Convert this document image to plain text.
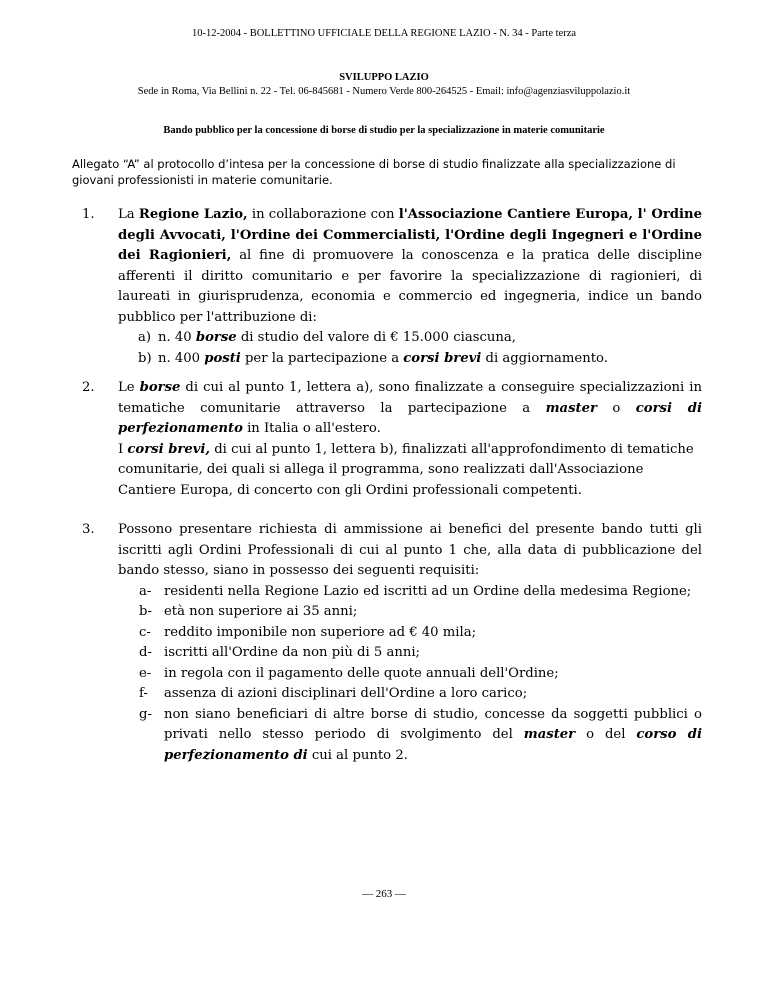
10-12-2004 - BOLLETTINO UFFICIALE DELLA REGIONE LAZIO - N. 34 - Parte terza
SVILUPPO LAZIO
Sede in Roma, Via Bellini n. 22 - Tel. 06-845681 - Numero Verde 800-264525 - Email: info@agenziasviluppolazio.it
Bando pubblico per la concessione di borse di studio per la specializzazione in materie comunitarie
Allegato “A” al protocollo d’intesa per la concessione di borse di studio finalizzate alla specializzazione di giovani professionisti in materie comunitarie.
1. La Regione Lazio, in collaborazione con l'Associazione Cantiere Europa, l' Ordine degli Avvocati, l'Ordine dei Commercialisti, l'Ordine degli Ingegneri e l'Ordine dei Ragionieri, al fine di promuovere la conoscenza e la pratica delle discipline afferenti il diritto comunitario e per favorire la specializzazione di ragionieri, di laureati in giurisprudenza, economia e commercio ed ingegneria, indice un bando pubblico per l'attribuzione di:
a) n. 40 borse di studio del valore di € 15.000 ciascuna,
b) n. 400 posti per la partecipazione a corsi brevi di aggiornamento.
2. Le borse di cui al punto 1, lettera a), sono finalizzate a conseguire specializzazioni in tematiche comunitarie attraverso la partecipazione a master o corsi di perfezionamento in Italia o all'estero.
I corsi brevi, di cui al punto 1, lettera b), finalizzati all'approfondimento di tematiche comunitarie, dei quali si allega il programma, sono realizzati dall'Associazione Cantiere Europa, di concerto con gli Ordini professionali competenti.
3. Possono presentare richiesta di ammissione ai benefici del presente bando tutti gli iscritti agli Ordini Professionali di cui al punto 1 che, alla data di pubblicazione del bando stesso, siano in possesso dei seguenti requisiti:
a- residenti nella Regione Lazio ed iscritti ad un Ordine della medesima Regione;
b- età non superiore ai 35 anni;
c- reddito imponibile non superiore ad € 40 mila;
d- iscritti all'Ordine da non più di 5 anni;
e- in regola con il pagamento delle quote annuali dell'Ordine;
f- assenza di azioni disciplinari dell'Ordine a loro carico;
g- non siano beneficiari di altre borse di studio, concesse da soggetti pubblici o privati nello stesso periodo di svolgimento del master o del corso di perfezionamento di cui al punto 2.
— 263 —
